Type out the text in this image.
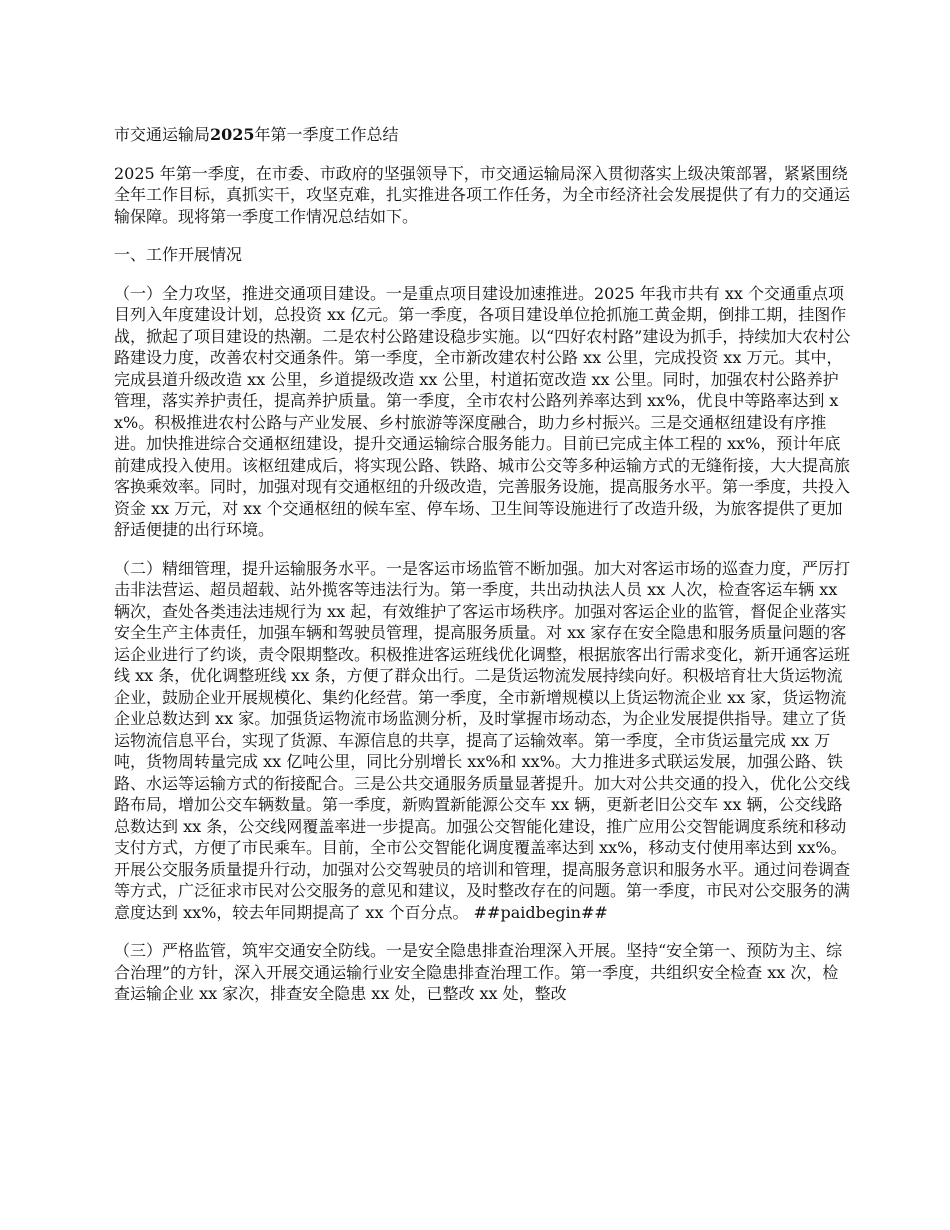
市交通运输局2025年第一季度工作总结

2025 年第一季度，在市委、市政府的坚强领导下，市交通运输局深入贯彻落实上级决策部署，紧紧围绕全年工作目标，真抓实干，攻坚克难，扎实推进各项工作任务，为全市经济社会发展提供了有力的交通运输保障。现将第一季度工作情况总结如下。

一、工作开展情况

（一）全力攻坚，推进交通项目建设。一是重点项目建设加速推进。2025 年我市共有 xx 个交通重点项目列入年度建设计划，总投资 xx 亿元。第一季度，各项目建设单位抢抓施工黄金期，倒排工期，挂图作战，掀起了项目建设的热潮。二是农村公路建设稳步实施。以“四好农村路”建设为抓手，持续加大农村公路建设力度，改善农村交通条件。第一季度，全市新改建农村公路 xx 公里，完成投资 xx 万元。其中，完成县道升级改造 xx 公里，乡道提级改造 xx 公里，村道拓宽改造 xx 公里。同时，加强农村公路养护管理，落实养护责任，提高养护质量。第一季度，全市农村公路列养率达到 xx%，优良中等路率达到 xx%。积极推进农村公路与产业发展、乡村旅游等深度融合，助力乡村振兴。三是交通枢纽建设有序推进。加快推进综合交通枢纽建设，提升交通运输综合服务能力。目前已完成主体工程的 xx%，预计年底前建成投入使用。该枢纽建成后，将实现公路、铁路、城市公交等多种运输方式的无缝衔接，大大提高旅客换乘效率。同时，加强对现有交通枢纽的升级改造，完善服务设施，提高服务水平。第一季度，共投入资金 xx 万元，对 xx 个交通枢纽的候车室、停车场、卫生间等设施进行了改造升级，为旅客提供了更加舒适便捷的出行环境。

（二）精细管理，提升运输服务水平。一是客运市场监管不断加强。加大对客运市场的巡查力度，严厉打击非法营运、超员超载、站外揽客等违法行为。第一季度，共出动执法人员 xx 人次，检查客运车辆 xx 辆次，查处各类违法违规行为 xx 起，有效维护了客运市场秩序。加强对客运企业的监管，督促企业落实安全生产主体责任，加强车辆和驾驶员管理，提高服务质量。对 xx 家存在安全隐患和服务质量问题的客运企业进行了约谈，责令限期整改。积极推进客运班线优化调整，根据旅客出行需求变化，新开通客运班线 xx 条，优化调整班线 xx 条，方便了群众出行。二是货运物流发展持续向好。积极培育壮大货运物流企业，鼓励企业开展规模化、集约化经营。第一季度，全市新增规模以上货运物流企业 xx 家，货运物流企业总数达到 xx 家。加强货运物流市场监测分析，及时掌握市场动态，为企业发展提供指导。建立了货运物流信息平台，实现了货源、车源信息的共享，提高了运输效率。第一季度，全市货运量完成 xx 万吨，货物周转量完成 xx 亿吨公里，同比分别增长 xx%和 xx%。大力推进多式联运发展，加强公路、铁路、水运等运输方式的衔接配合。三是公共交通服务质量显著提升。加大对公共交通的投入，优化公交线路布局，增加公交车辆数量。第一季度，新购置新能源公交车 xx 辆，更新老旧公交车 xx 辆，公交线路总数达到 xx 条，公交线网覆盖率进一步提高。加强公交智能化建设，推广应用公交智能调度系统和移动支付方式，方便了市民乘车。目前，全市公交智能化调度覆盖率达到 xx%，移动支付使用率达到 xx%。开展公交服务质量提升行动，加强对公交驾驶员的培训和管理，提高服务意识和服务水平。通过问卷调查等方式，广泛征求市民对公交服务的意见和建议，及时整改存在的问题。第一季度，市民对公交服务的满意度达到 xx%，较去年同期提高了 xx 个百分点。 ##paidbegin##

（三）严格监管，筑牢交通安全防线。一是安全隐患排查治理深入开展。坚持“安全第一、预防为主、综合治理”的方针，深入开展交通运输行业安全隐患排查治理工作。第一季度，共组织安全检查 xx 次，检查运输企业 xx 家次，排查安全隐患 xx 处，已整改 xx 处，整改
